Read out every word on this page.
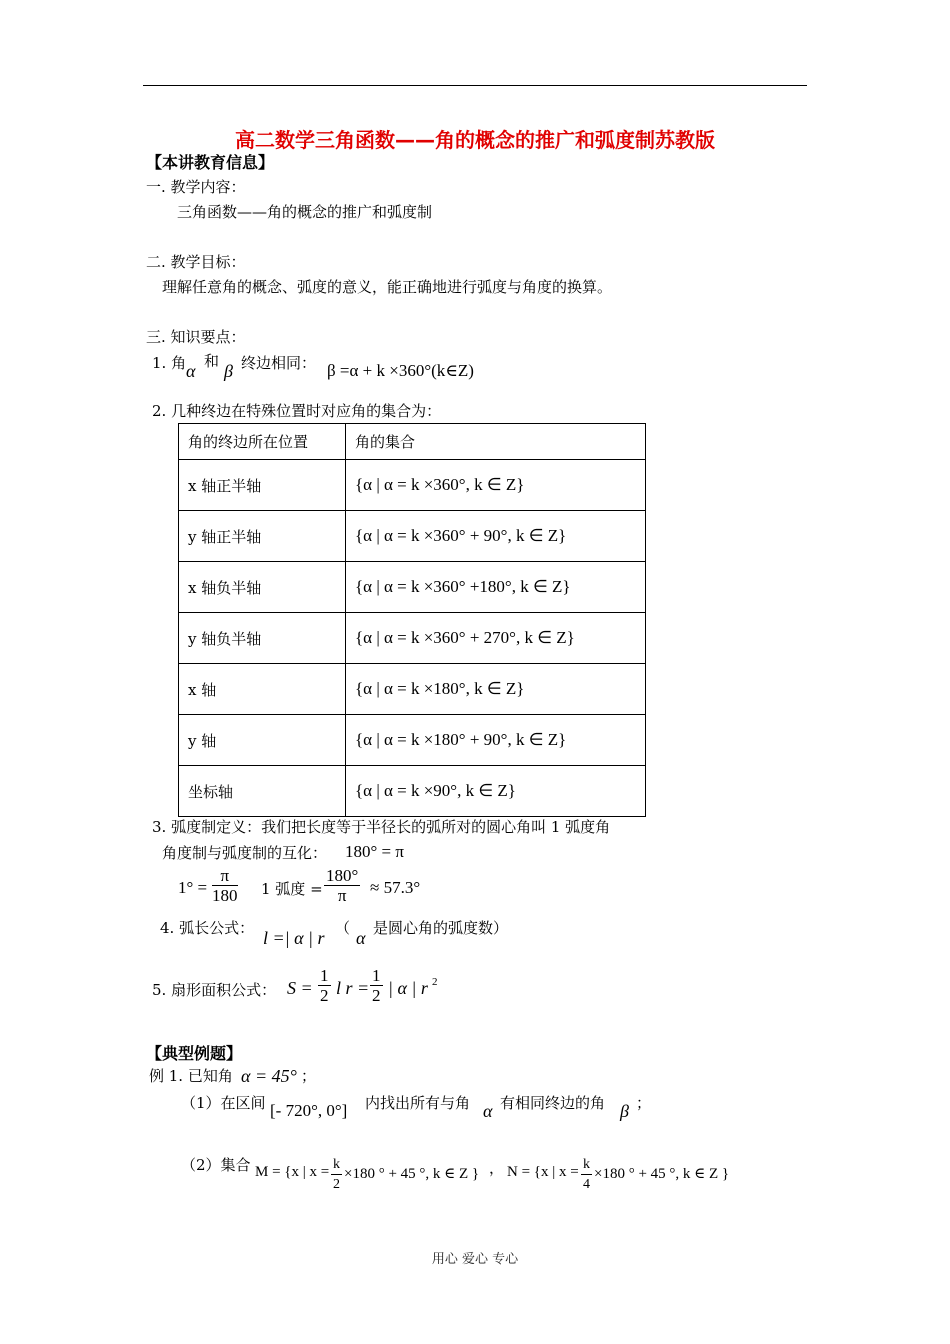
高二数学三角函数——角的概念的推广和弧度制苏教版
【本讲教育信息】
一. 教学内容：
三角函数——角的概念的推广和弧度制
二. 教学目标：
理解任意角的概念、弧度的意义，能正确地进行弧度与角度的换算。
三. 知识要点：
1. 角 α 和 β 终边相同： β =α + k ×360°(k∈Z)
2. 几种终边在特殊位置时对应角的集合为：
角的终边所在位置	角的集合
x 轴正半轴	{α | α = k ×360°, k ∈ Z}
y 轴正半轴	{α | α = k ×360° + 90°, k ∈ Z}
x 轴负半轴	{α | α = k ×360° +180°, k ∈ Z}
y 轴负半轴	{α | α = k ×360° + 270°, k ∈ Z}
x 轴	{α | α = k ×180°, k ∈ Z}
y 轴	{α | α = k ×180° + 90°, k ∈ Z}
坐标轴	{α | α = k ×90°, k ∈ Z}
3. 弧度制定义：我们把长度等于半径长的弧所对的圆心角叫 1 弧度角
角度制与弧度制的互化： 180° = π
$1^\circ = \frac{\pi}{180} 1$ 弧度 = $\frac{180^\circ}{\pi} \approx 57.3^\circ$
4. 弧长公式： l =| α | r （ α 是圆心角的弧度数）
5. 扇形面积公式： $S = \frac{1}{2}$ l $r = \frac{1}{2}$ | α | r 2
【典型例题】
例 1. 已知角 α = 45° ；
（1）在区间 [- 720°, 0°] 内找出所有与角 α 有相同终边的角 β ；
（2）集合 M = {x | $x = \frac{k}{2} \times 180$ ° + 45 °, k ∈ Z } ， N = {x | $x = \frac{k}{4} \times 180$ ° + 45 °, k ∈ Z }
用心 爱心 专心
